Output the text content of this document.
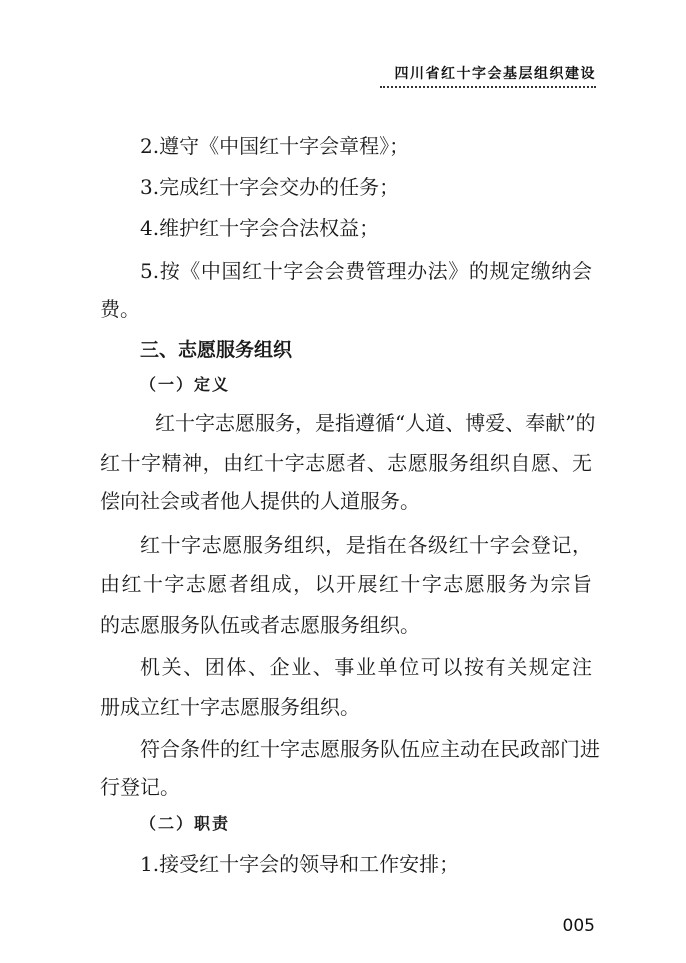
四川省红十字会基层组织建设
2.遵守《中国红十字会章程》；
3.完成红十字会交办的任务；
4.维护红十字会合法权益；
5.按《中国红十字会会费管理办法》的规定缴纳会
费。
三、志愿服务组织
（一）定义
红十字志愿服务，是指遵循“人道、博爱、奉献”的
红十字精神，由红十字志愿者、志愿服务组织自愿、无
偿向社会或者他人提供的人道服务。
红十字志愿服务组织，是指在各级红十字会登记，
由红十字志愿者组成，以开展红十字志愿服务为宗旨
的志愿服务队伍或者志愿服务组织。
机关、团体、企业、事业单位可以按有关规定注
册成立红十字志愿服务组织。
符合条件的红十字志愿服务队伍应主动在民政部门进
行登记。
（二）职责
1.接受红十字会的领导和工作安排；
005
